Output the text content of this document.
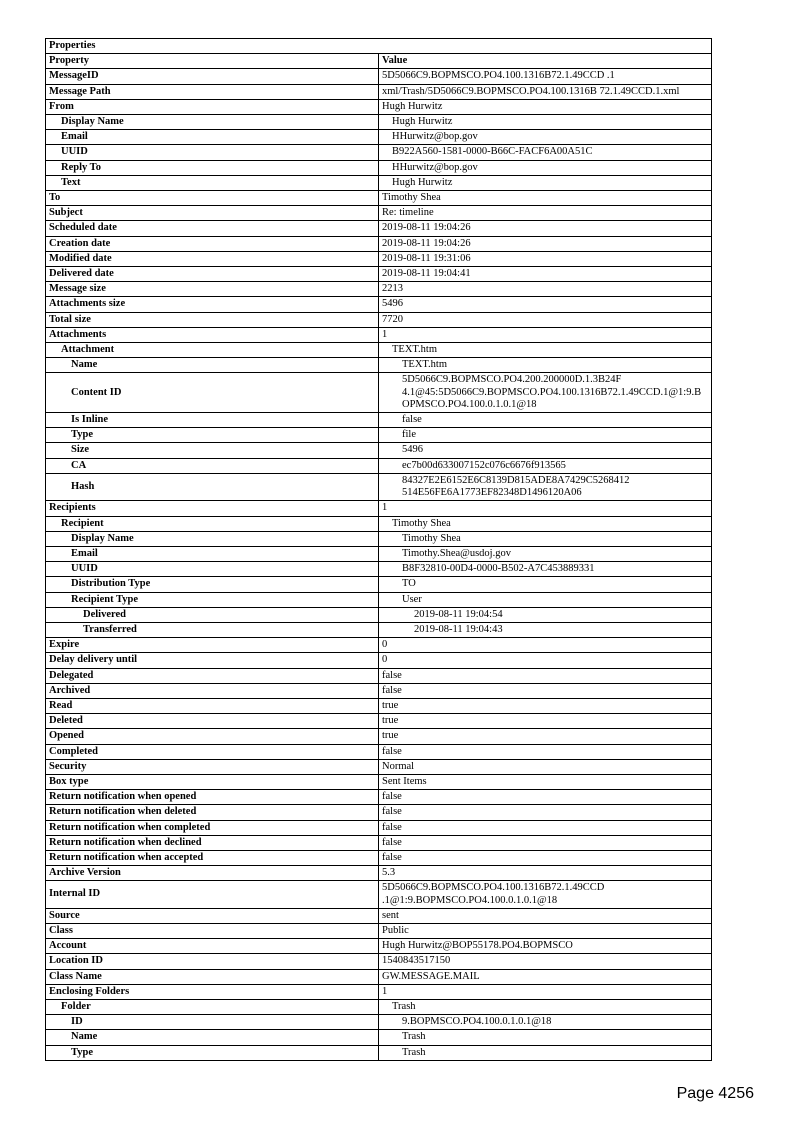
Properties	
Property	Value
MessageID	5D5066C9.BOPMSCO.PO4.100.1316B72.1.49CCD .1
Message Path	xml/Trash/5D5066C9.BOPMSCO.PO4.100.1316B 72.1.49CCD.1.xml
From	Hugh Hurwitz
Display Name	Hugh Hurwitz
Email	HHurwitz@bop.gov
UUID	B922A560-1581-0000-B66C-FACF6A00A51C
Reply To	HHurwitz@bop.gov
Text	Hugh Hurwitz
To	Timothy Shea
Subject	Re: timeline
Scheduled date	2019-08-11 19:04:26
Creation date	2019-08-11 19:04:26
Modified date	2019-08-11 19:31:06
Delivered date	2019-08-11 19:04:41
Message size	2213
Attachments size	5496
Total size	7720
Attachments	1
Attachment	TEXT.htm
Name	TEXT.htm
Content ID	5D5066C9.BOPMSCO.PO4.200.200000D.1.3B24F 4.1@45:5D5066C9.BOPMSCO.PO4.100.1316B72.1.49CCD.1@1:9.BOPMSCO.PO4.100.0.1.0.1@18
Is Inline	false
Type	file
Size	5496
CA	ec7b00d633007152c076c6676f913565
Hash	84327E2E6152E6C8139D815ADE8A7429C5268412 514E56FE6A1773EF82348D1496120A06
Recipients	1
Recipient	Timothy Shea
Display Name	Timothy Shea
Email	Timothy.Shea@usdoj.gov
UUID	B8F32810-00D4-0000-B502-A7C453889331
Distribution Type	TO
Recipient Type	User
Delivered	2019-08-11 19:04:54
Transferred	2019-08-11 19:04:43
Expire	0
Delay delivery until	0
Delegated	false
Archived	false
Read	true
Deleted	true
Opened	true
Completed	false
Security	Normal
Box type	Sent Items
Return notification when opened	false
Return notification when deleted	false
Return notification when completed	false
Return notification when declined	false
Return notification when accepted	false
Archive Version	5.3
Internal ID	5D5066C9.BOPMSCO.PO4.100.1316B72.1.49CCD .1@1:9.BOPMSCO.PO4.100.0.1.0.1@18
Source	sent
Class	Public
Account	Hugh Hurwitz@BOP55178.PO4.BOPMSCO
Location ID	1540843517150
Class Name	GW.MESSAGE.MAIL
Enclosing Folders	1
Folder	Trash
ID	9.BOPMSCO.PO4.100.0.1.0.1@18
Name	Trash
Type	Trash
Page 4256
